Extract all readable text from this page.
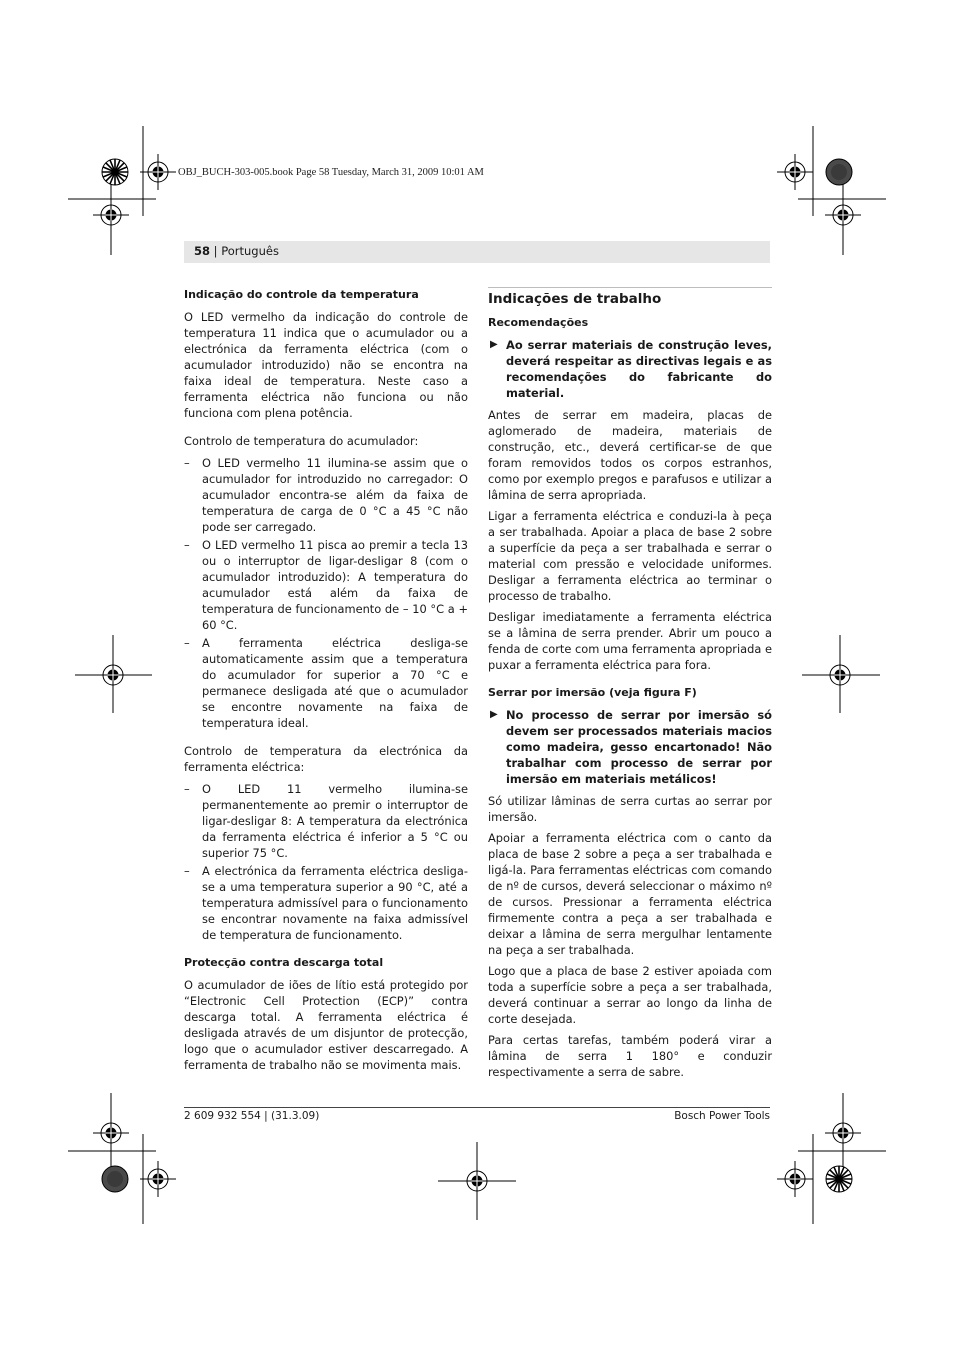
OBJ_BUCH-303-005.book Page 58 Tuesday, March 31, 2009 10:01 AM
58 | Português
Indicação do controle da temperatura

O LED vermelho da indicação do controle de temperatura 11 indica que o acumulador ou a electrónica da ferramenta eléctrica (com o acumulador introduzido) não se encontra na faixa ideal de temperatura. Neste caso a ferramenta eléctrica não funciona ou não funciona com plena potência.

Controlo de temperatura do acumulador:

– O LED vermelho 11 ilumina-se assim que o acumulador for introduzido no carregador: O acumulador encontra-se além da faixa de temperatura de carga de 0 °C a 45 °C não pode ser carregado.
– O LED vermelho 11 pisca ao premir a tecla 13 ou o interruptor de ligar-desligar 8 (com o acumulador introduzido): A temperatura do acumulador está além da faixa de temperatura de funcionamento de – 10 °C a + 60 °C.
– A ferramenta eléctrica desliga-se automaticamente assim que a temperatura do acumulador for superior a 70 °C e permanece desligada até que o acumulador se encontre novamente na faixa de temperatura ideal.

Controlo de temperatura da electrónica da ferramenta eléctrica:

– O LED 11 vermelho ilumina-se permanentemente ao premir o interruptor de ligar-desligar 8: A temperatura da electrónica da ferramenta eléctrica é inferior a 5 °C ou superior 75 °C.
– A electrónica da ferramenta eléctrica desliga-se a uma temperatura superior a 90 °C, até a temperatura admissível para o funcionamento se encontrar novamente na faixa admissível de temperatura de funcionamento.
Protecção contra descarga total

O acumulador de iões de lítio está protegido por “Electronic Cell Protection (ECP)” contra descarga total. A ferramenta eléctrica é desligada através de um disjuntor de protecção, logo que o acumulador estiver descarregado. A ferramenta de trabalho não se movimenta mais.

Indicações de trabalho
Recomendações
▶ Ao serrar materiais de construção leves, deverá respeitar as directivas legais e as recomendações do fabricante do material.

Antes de serrar em madeira, placas de aglomerado de madeira, materiais de construção, etc., deverá certificar-se de que foram removidos todos os corpos estranhos, como por exemplo pregos e parafusos e utilizar a lâmina de serra apropriada.

Ligar a ferramenta eléctrica e conduzi-la à peça a ser trabalhada. Apoiar a placa de base 2 sobre a superfície da peça a ser trabalhada e serrar o material com pressão e velocidade uniformes. Desligar a ferramenta eléctrica ao terminar o processo de trabalho.

Desligar imediatamente a ferramenta eléctrica se a lâmina de serra prender. Abrir um pouco a fenda de corte com uma ferramenta apropriada e puxar a ferramenta eléctrica para fora.

Serrar por imersão (veja figura F)
▶ No processo de serrar por imersão só devem ser processados materiais macios como madeira, gesso encartonado! Não trabalhar com processo de serrar por imersão em materiais metálicos!

Só utilizar lâminas de serra curtas ao serrar por imersão.

Apoiar a ferramenta eléctrica com o canto da placa de base 2 sobre a peça a ser trabalhada e ligá-la. Para ferramentas eléctricas com comando de nº de cursos, deverá seleccionar o máximo nº de cursos. Pressionar a ferramenta eléctrica firmemente contra a peça a ser trabalhada e deixar a lâmina de serra mergulhar lentamente na peça a ser trabalhada.

Logo que a placa de base 2 estiver apoiada com toda a superfície sobre a peça a ser trabalhada, deverá continuar a serrar ao longo da linha de corte desejada.

Para certas tarefas, também poderá virar a lâmina de serra 1 180° e conduzir respectivamente a serra de sabre.

2 609 932 554 | (31.3.09)	Bosch Power Tools
